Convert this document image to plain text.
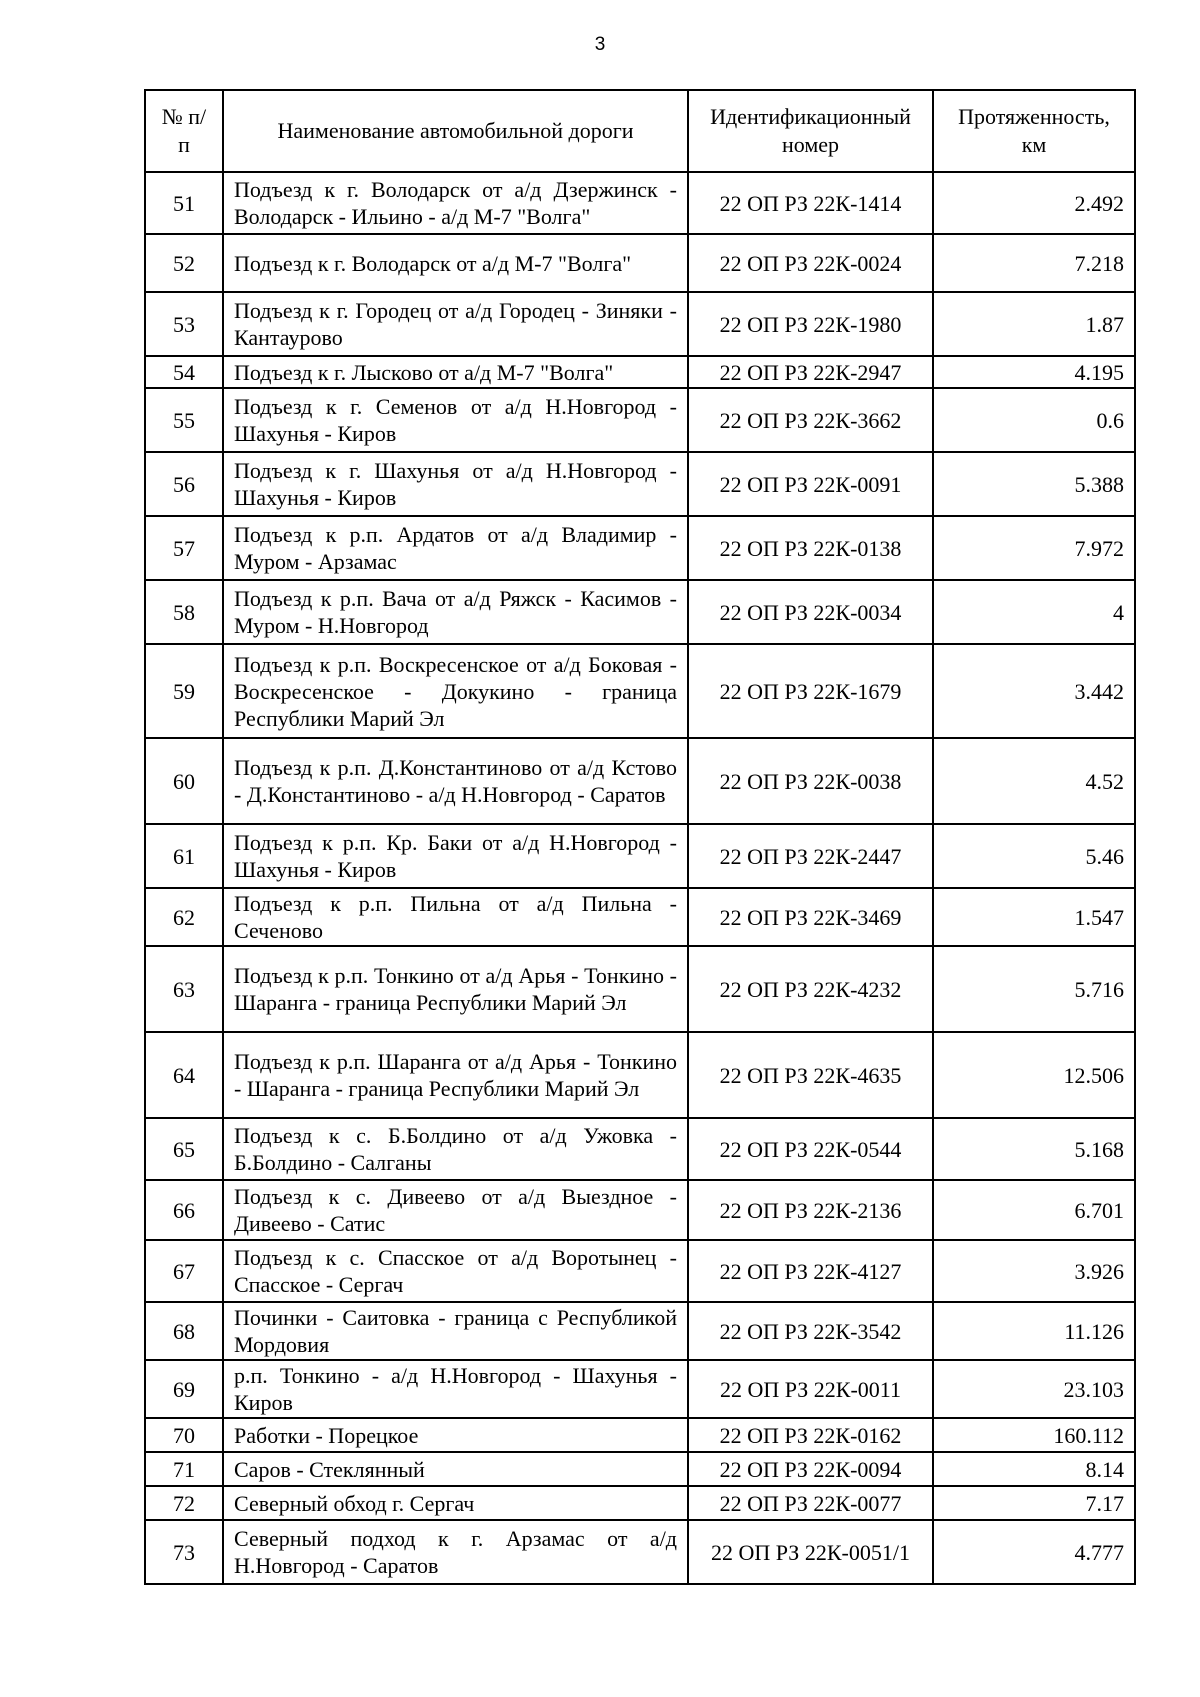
3
№ п/п	Наименование автомобильной дороги	Идентификационный номер	Протяженность, км
51	Подъезд к г. Володарск от а/д Дзержинск - Володарск - Ильино - а/д М-7 "Волга"	22 ОП РЗ 22К-1414	2.492
52	Подъезд к г. Володарск от а/д М-7 "Волга"	22 ОП РЗ 22К-0024	7.218
53	Подъезд к г. Городец от а/д Городец - Зиняки - Кантаурово	22 ОП РЗ 22К-1980	1.87
54	Подъезд к г. Лысково от а/д М-7 "Волга"	22 ОП РЗ 22К-2947	4.195
55	Подъезд к г. Семенов от а/д Н.Новгород - Шахунья - Киров	22 ОП РЗ 22К-3662	0.6
56	Подъезд к г. Шахунья от а/д Н.Новгород - Шахунья - Киров	22 ОП РЗ 22К-0091	5.388
57	Подъезд к р.п. Ардатов от а/д Владимир - Муром - Арзамас	22 ОП РЗ 22К-0138	7.972
58	Подъезд к р.п. Вача от а/д Ряжск - Касимов - Муром - Н.Новгород	22 ОП РЗ 22К-0034	4
59	Подъезд к р.п. Воскресенское от а/д Боковая - Воскресенское - Докукино - граница Республики Марий Эл	22 ОП РЗ 22К-1679	3.442
60	Подъезд к р.п. Д.Константиново от а/д Кстово - Д.Константиново - а/д Н.Новгород - Саратов	22 ОП РЗ 22К-0038	4.52
61	Подъезд к р.п. Кр. Баки от а/д Н.Новгород - Шахунья - Киров	22 ОП РЗ 22К-2447	5.46
62	Подъезд к р.п. Пильна от а/д Пильна - Сеченово	22 ОП РЗ 22К-3469	1.547
63	Подъезд к р.п. Тонкино от а/д Арья - Тонкино - Шаранга - граница Республики Марий Эл	22 ОП РЗ 22К-4232	5.716
64	Подъезд к р.п. Шаранга от а/д Арья - Тонкино - Шаранга - граница Республики Марий Эл	22 ОП РЗ 22К-4635	12.506
65	Подъезд к с. Б.Болдино от а/д Ужовка - Б.Болдино - Салганы	22 ОП РЗ 22К-0544	5.168
66	Подъезд к с. Дивеево от а/д Выездное - Дивеево - Сатис	22 ОП РЗ 22К-2136	6.701
67	Подъезд к с. Спасское от а/д Воротынец - Спасское - Сергач	22 ОП РЗ 22К-4127	3.926
68	Починки - Саитовка - граница с Республикой Мордовия	22 ОП РЗ 22К-3542	11.126
69	р.п. Тонкино - а/д Н.Новгород - Шахунья - Киров	22 ОП РЗ 22К-0011	23.103
70	Работки - Порецкое	22 ОП РЗ 22К-0162	160.112
71	Саров - Стеклянный	22 ОП РЗ 22К-0094	8.14
72	Северный обход г. Сергач	22 ОП РЗ 22К-0077	7.17
73	Северный подход к г. Арзамас от а/д Н.Новгород - Саратов	22 ОП РЗ 22К-0051/1	4.777
